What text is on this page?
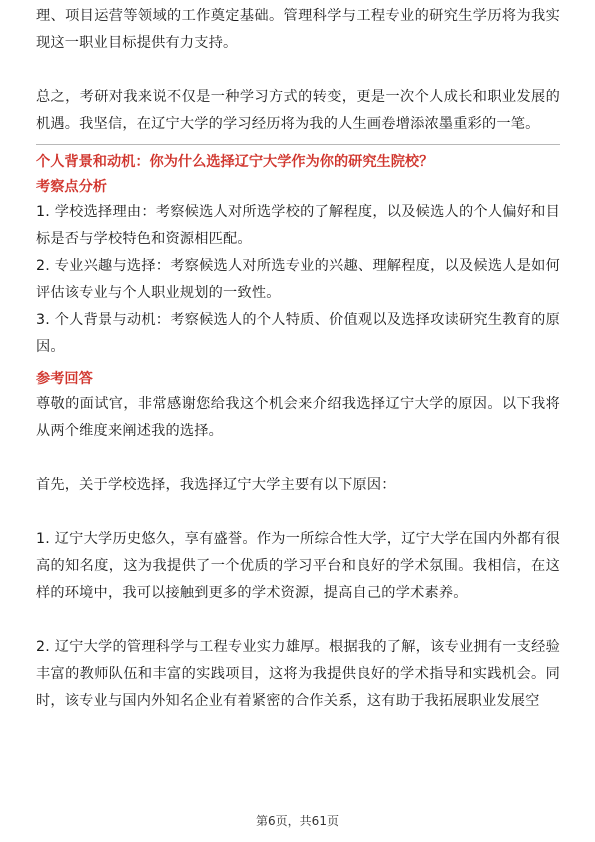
理、项目运营等领域的工作奠定基础。管理科学与工程专业的研究生学历将为我实现这一职业目标提供有力支持。

总之，考研对我来说不仅是一种学习方式的转变，更是一次个人成长和职业发展的机遇。我坚信，在辽宁大学的学习经历将为我的人生画卷增添浓墨重彩的一笔。

个人背景和动机：你为什么选择辽宁大学作为你的研究生院校？

考察点分析

1. 学校选择理由：考察候选人对所选学校的了解程度，以及候选人的个人偏好和目标是否与学校特色和资源相匹配。

2. 专业兴趣与选择：考察候选人对所选专业的兴趣、理解程度，以及候选人是如何评估该专业与个人职业规划的一致性。

3. 个人背景与动机：考察候选人的个人特质、价值观以及选择攻读研究生教育的原因。

参考回答

尊敬的面试官，非常感谢您给我这个机会来介绍我选择辽宁大学的原因。以下我将从两个维度来阐述我的选择。

首先，关于学校选择，我选择辽宁大学主要有以下原因：

1. 辽宁大学历史悠久，享有盛誉。作为一所综合性大学，辽宁大学在国内外都有很高的知名度，这为我提供了一个优质的学习平台和良好的学术氛围。我相信，在这样的环境中，我可以接触到更多的学术资源，提高自己的学术素养。

2. 辽宁大学的管理科学与工程专业实力雄厚。根据我的了解，该专业拥有一支经验丰富的教师队伍和丰富的实践项目，这将为我提供良好的学术指导和实践机会。同时，该专业与国内外知名企业有着紧密的合作关系，这有助于我拓展职业发展空

第6页，共61页
